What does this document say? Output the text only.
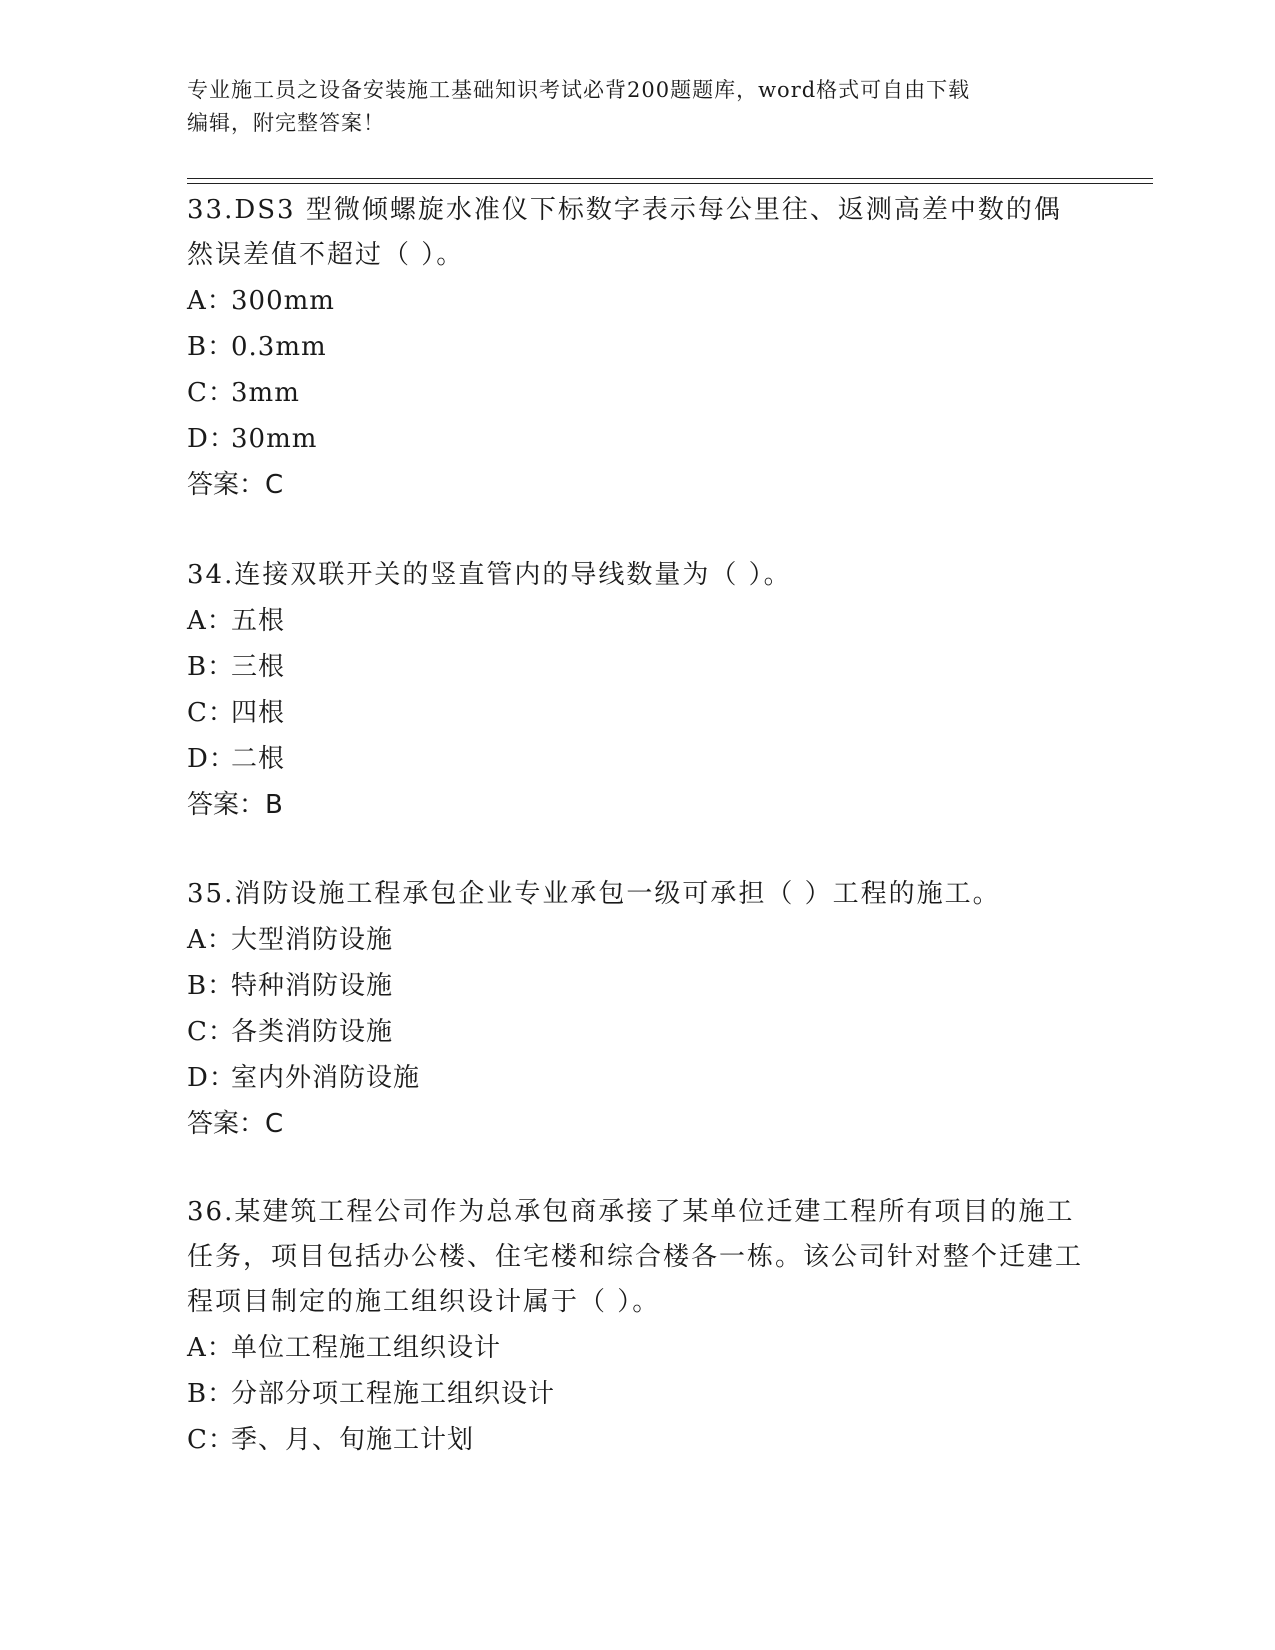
专业施工员之设备安装施工基础知识考试必背200题题库，word格式可自由下载
编辑，附完整答案！

33.DS3 型微倾螺旋水准仪下标数字表示每公里往、返测高差中数的偶然误差值不超过（ ）。

A：
300mm

B：
0.3mm

C：
3mm

D：
30mm

答案：C

34.连接双联开关的竖直管内的导线数量为（ ）。

A：
五根

B：
三根

C：
四根

D：
二根

答案：B

35.消防设施工程承包企业专业承包一级可承担（ ）工程的施工。

A：
大型消防设施

B：
特种消防设施

C：
各类消防设施

D：
室内外消防设施

答案：C

36.某建筑工程公司作为总承包商承接了某单位迁建工程所有项目的施工任务，项目包括办公楼、住宅楼和综合楼各一栋。该公司针对整个迁建工程项目制定的施工组织设计属于（ ）。

A：
单位工程施工组织设计

B：
分部分项工程施工组织设计

C：
季、月、旬施工计划
